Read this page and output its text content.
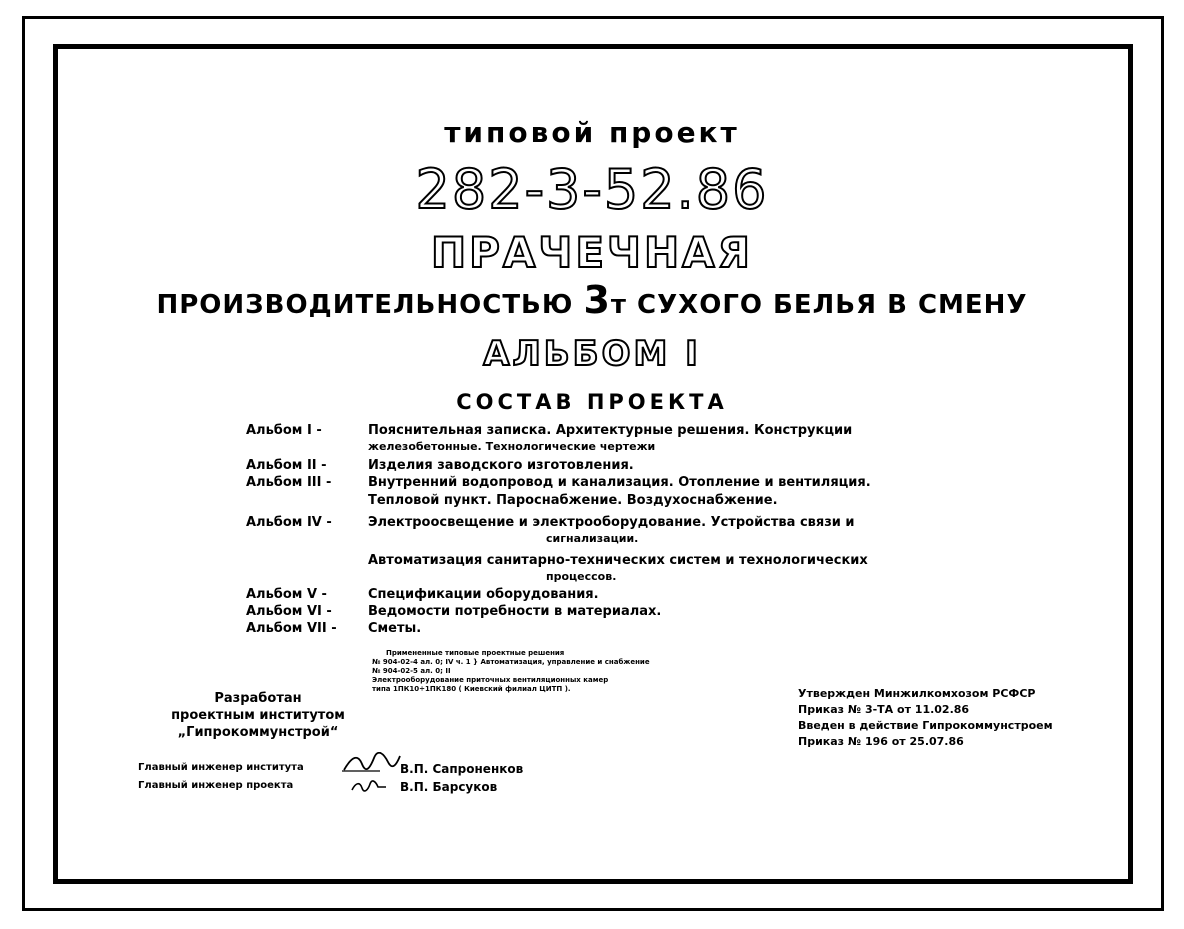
типовой проект
282-3-52.86
ПРАЧЕЧНАЯ
ПРОИЗВОДИТЕЛЬНОСТЬЮ 3т СУХОГО БЕЛЬЯ В СМЕНУ
АЛЬБОМ I
СОСТАВ ПРОЕКТА
Альбом I -	Пояснительная записка. Архитектурные решения. Конструкции
железобетонные. Технологические чертежи
Альбом II -	Изделия заводского изготовления.
Альбом III -	Внутренний водопровод и канализация. Отопление и вентиляция.
Тепловой пункт. Пароснабжение. Воздухоснабжение.
Альбом IV -	Электроосвещение и электрооборудование. Устройства связи и
сигнализации.
Автоматизация санитарно-технических систем и технологических
процессов.
Альбом V -	Спецификации оборудования.
Альбом VI -	Ведомости потребности в материалах.
Альбом VII -	Сметы.
Примененные типовые проектные решения
№ 904-02-4 ал. 0; IV ч. 1 } Автоматизация, управление и снабжение
№ 904-02-5 ал. 0; II
Электрооборудование приточных вентиляционных камер
типа 1ПК10÷1ПК180 ( Киевский филиал ЦИТП ).
Разработан
проектным институтом
„Гипрокоммунстрой“
Утвержден Минжилкомхозом РСФСР
Приказ № 3-ТА от 11.02.86
Введен в действие Гипрокоммунстроем
Приказ № 196 от 25.07.86
Главный инженер института	В.П. Сапроненков
Главный инженер проекта	В.П. Барсуков
